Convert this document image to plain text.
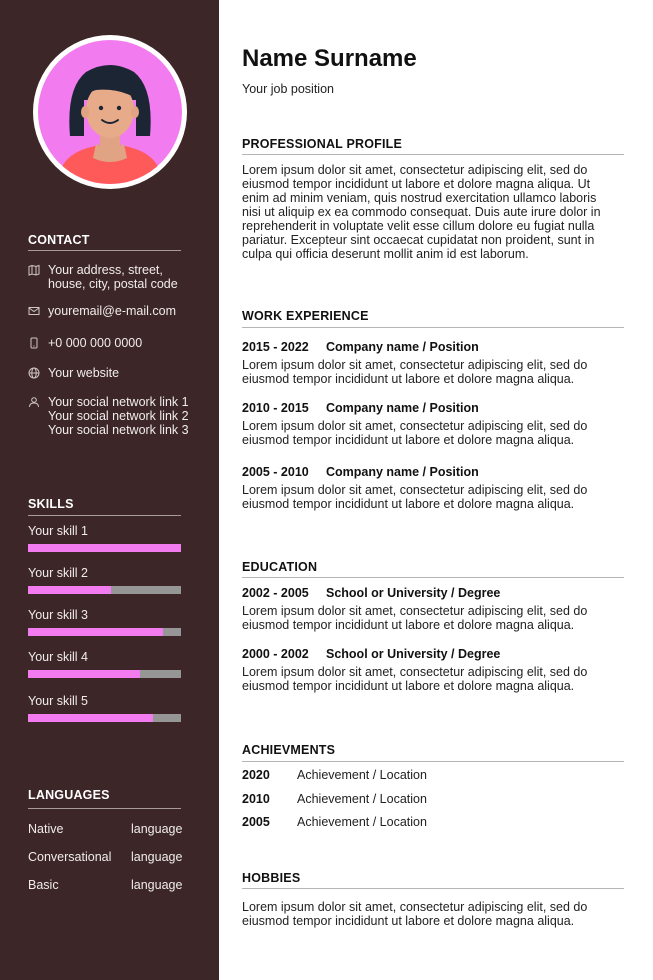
CONTACT
Your address, street,
house, city, postal code
youremail@e-mail.com
+0 000 000 0000
Your website
Your social network link 1
Your social network link 2
Your social network link 3
SKILLS
Your skill 1
Your skill 2
Your skill 3
Your skill 4
Your skill 5
LANGUAGES
Native	language
Conversational language
Basic	language
Name Surname
Your job position
PROFESSIONAL PROFILE
Lorem ipsum dolor sit amet, consectetur adipiscing elit, sed do
eiusmod tempor incididunt ut labore et dolore magna aliqua. Ut
enim ad minim veniam, quis nostrud exercitation ullamco laboris
nisi ut aliquip ex ea commodo consequat. Duis aute irure dolor in
reprehenderit in voluptate velit esse cillum dolore eu fugiat nulla
pariatur. Excepteur sint occaecat cupidatat non proident, sunt in
culpa qui officia deserunt mollit anim id est laborum.
WORK EXPERIENCE
2015 - 2022 Company name / Position
Lorem ipsum dolor sit amet, consectetur adipiscing elit, sed do
eiusmod tempor incididunt ut labore et dolore magna aliqua.
2010 - 2015 Company name / Position
Lorem ipsum dolor sit amet, consectetur adipiscing elit, sed do
eiusmod tempor incididunt ut labore et dolore magna aliqua.
2005 - 2010 Company name / Position
Lorem ipsum dolor sit amet, consectetur adipiscing elit, sed do
eiusmod tempor incididunt ut labore et dolore magna aliqua.
EDUCATION
2002 - 2005 School or University / Degree
Lorem ipsum dolor sit amet, consectetur adipiscing elit, sed do
eiusmod tempor incididunt ut labore et dolore magna aliqua.
2000 - 2002 School or University / Degree
Lorem ipsum dolor sit amet, consectetur adipiscing elit, sed do
eiusmod tempor incididunt ut labore et dolore magna aliqua.
ACHIEVMENTS
2020 Achievement / Location
2010 Achievement / Location
2005 Achievement / Location
HOBBIES
Lorem ipsum dolor sit amet, consectetur adipiscing elit, sed do
eiusmod tempor incididunt ut labore et dolore magna aliqua.
